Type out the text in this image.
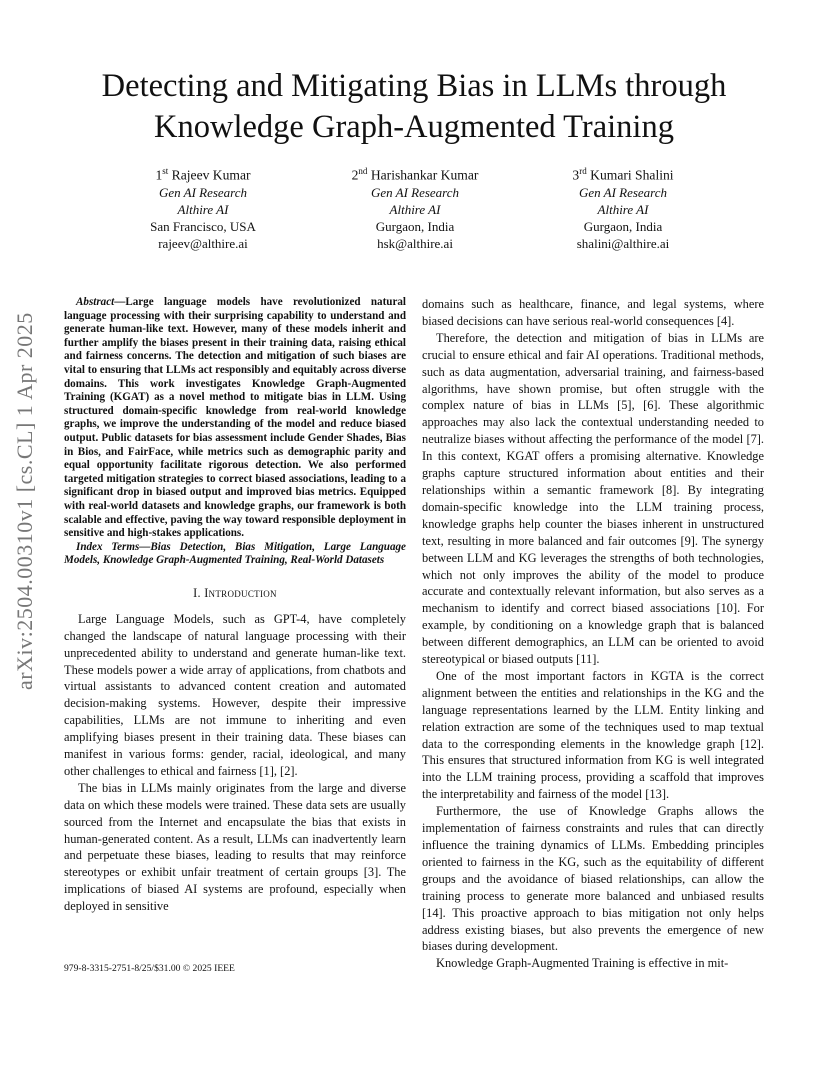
arXiv:2504.00310v1 [cs.CL] 1 Apr 2025
Detecting and Mitigating Bias in LLMs through
Knowledge Graph-Augmented Training
1st Rajeev Kumar
Gen AI Research
Althire AI
San Francisco, USA
rajeev@althire.ai
2nd Harishankar Kumar
Gen AI Research
Althire AI
Gurgaon, India
hsk@althire.ai
3rd Kumari Shalini
Gen AI Research
Althire AI
Gurgaon, India
shalini@althire.ai

Abstract—Large language models have revolutionized natural language processing with their surprising capability to understand and generate human-like text. However, many of these models inherit and further amplify the biases present in their training data, raising ethical and fairness concerns. The detection and mitigation of such biases are vital to ensuring that LLMs act responsibly and equitably across diverse domains. This work investigates Knowledge Graph-Augmented Training (KGAT) as a novel method to mitigate bias in LLM. Using structured domain-specific knowledge from real-world knowledge graphs, we improve the understanding of the model and reduce biased output. Public datasets for bias assessment include Gender Shades, Bias in Bios, and FairFace, while metrics such as demographic parity and equal opportunity facilitate rigorous detection. We also performed targeted mitigation strategies to correct biased associations, leading to a significant drop in biased output and improved bias metrics. Equipped with real-world datasets and knowledge graphs, our framework is both scalable and effective, paving the way toward responsible deployment in sensitive and high-stakes applications.

Index Terms—Bias Detection, Bias Mitigation, Large Language Models, Knowledge Graph-Augmented Training, Real-World Datasets

I. Introduction

Large Language Models, such as GPT-4, have completely changed the landscape of natural language processing with their unprecedented ability to understand and generate human-like text. These models power a wide array of applications, from chatbots and virtual assistants to advanced content creation and automated decision-making systems. However, despite their impressive capabilities, LLMs are not immune to inheriting and even amplifying biases present in their training data. These biases can manifest in various forms: gender, racial, ideological, and many other challenges to ethical and fairness [1], [2].

The bias in LLMs mainly originates from the large and diverse data on which these models were trained. These data sets are usually sourced from the Internet and encapsulate the bias that exists in human-generated content. As a result, LLMs can inadvertently learn and perpetuate these biases, leading to results that may reinforce stereotypes or exhibit unfair treatment of certain groups [3]. The implications of biased AI systems are profound, especially when deployed in sensitive

domains such as healthcare, finance, and legal systems, where biased decisions can have serious real-world consequences [4].

Therefore, the detection and mitigation of bias in LLMs are crucial to ensure ethical and fair AI operations. Traditional methods, such as data augmentation, adversarial training, and fairness-based algorithms, have shown promise, but often struggle with the complex nature of bias in LLMs [5], [6]. These algorithmic approaches may also lack the contextual understanding needed to neutralize biases without affecting the performance of the model [7]. In this context, KGAT offers a promising alternative. Knowledge graphs capture structured information about entities and their relationships within a semantic framework [8]. By integrating domain-specific knowledge into the LLM training process, knowledge graphs help counter the biases inherent in unstructured text, resulting in more balanced and fair outcomes [9]. The synergy between LLM and KG leverages the strengths of both technologies, which not only improves the ability of the model to produce accurate and contextually relevant information, but also serves as a mechanism to identify and correct biased associations [10]. For example, by conditioning on a knowledge graph that is balanced between different demographics, an LLM can be oriented to avoid stereotypical or biased outputs [11].

One of the most important factors in KGTA is the correct alignment between the entities and relationships in the KG and the language representations learned by the LLM. Entity linking and relation extraction are some of the techniques used to map textual data to the corresponding elements in the knowledge graph [12]. This ensures that structured information from KG is well integrated into the LLM training process, providing a scaffold that improves the interpretability and fairness of the model [13].

Furthermore, the use of Knowledge Graphs allows the implementation of fairness constraints and rules that can directly influence the training dynamics of LLMs. Embedding principles oriented to fairness in the KG, such as the equitability of different groups and the avoidance of biased relationships, can allow the training process to generate more balanced and unbiased results [14]. This proactive approach to bias mitigation not only helps address existing biases, but also prevents the emergence of new biases during development.

Knowledge Graph-Augmented Training is effective in mit-

979-8-3315-2751-8/25/$31.00 © 2025 IEEE
